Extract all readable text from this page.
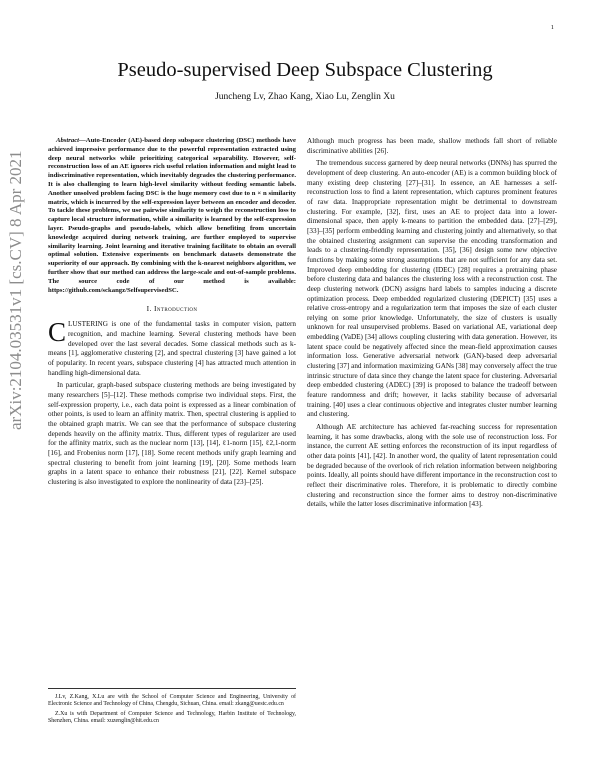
1
arXiv:2104.03531v1 [cs.CV] 8 Apr 2021
Pseudo-supervised Deep Subspace Clustering
Juncheng Lv, Zhao Kang, Xiao Lu, Zenglin Xu

Abstract—Auto-Encoder (AE)-based deep subspace clustering (DSC) methods have achieved impressive performance due to the powerful representation extracted using deep neural networks while prioritizing categorical separability. However, self-reconstruction loss of an AE ignores rich useful relation information and might lead to indiscriminative representation, which inevitably degrades the clustering performance. It is also challenging to learn high-level similarity without feeding semantic labels. Another unsolved problem facing DSC is the huge memory cost due to n × n similarity matrix, which is incurred by the self-expression layer between an encoder and decoder. To tackle these problems, we use pairwise similarity to weigh the reconstruction loss to capture local structure information, while a similarity is learned by the self-expression layer. Pseudo-graphs and pseudo-labels, which allow benefiting from uncertain knowledge acquired during network training, are further employed to supervise similarity learning. Joint learning and iterative training facilitate to obtain an overall optimal solution. Extensive experiments on benchmark datasets demonstrate the superiority of our approach. By combining with the k-nearest neighbors algorithm, we further show that our method can address the large-scale and out-of-sample problems. The source code of our method is available: https://github.com/sckangz/SelfsupervisedSC.

I. Introduction

CLUSTERING is one of the fundamental tasks in computer vision, pattern recognition, and machine learning. Several clustering methods have been developed over the last several decades. Some classical methods such as k-means [1], agglomerative clustering [2], and spectral clustering [3] have gained a lot of popularity. In recent years, subspace clustering [4] has attracted much attention in handling high-dimensional data.

In particular, graph-based subspace clustering methods are being investigated by many researchers [5]–[12]. These methods comprise two individual steps. First, the self-expression property, i.e., each data point is expressed as a linear combination of other points, is used to learn an affinity matrix. Then, spectral clustering is applied to the obtained graph matrix. We can see that the performance of subspace clustering depends heavily on the affinity matrix. Thus, different types of regularizer are used for the affinity matrix, such as the nuclear norm [13], [14], ℓ1-norm [15], ℓ2,1-norm [16], and Frobenius norm [17], [18]. Some recent methods unify graph learning and spectral clustering to benefit from joint learning [19], [20]. Some methods learn graphs in a latent space to enhance their robustness [21], [22]. Kernel subspace clustering is also investigated to explore the nonlinearity of data [23]–[25].

Although much progress has been made, shallow methods fall short of reliable discriminative abilities [26].

The tremendous success garnered by deep neural networks (DNNs) has spurred the development of deep clustering. An auto-encoder (AE) is a common building block of many existing deep clustering [27]–[31]. In essence, an AE harnesses a self-reconstruction loss to find a latent representation, which captures prominent features of raw data. Inappropriate representation might be detrimental to downstream clustering. For example, [32], first, uses an AE to project data into a lower-dimensional space, then apply k-means to partition the embedded data. [27]–[29], [33]–[35] perform embedding learning and clustering jointly and alternatively, so that the obtained clustering assignment can supervise the encoding transformation and leads to a clustering-friendly representation. [35], [36] design some new objective functions by making some strong assumptions that are not sufficient for any data set. Improved deep embedding for clustering (IDEC) [28] requires a pretraining phase before clustering data and balances the clustering loss with a reconstruction cost. The deep clustering network (DCN) assigns hard labels to samples inducing a discrete optimization process. Deep embedded regularized clustering (DEPICT) [35] uses a relative cross-entropy and a regularization term that imposes the size of each cluster relying on some prior knowledge. Unfortunately, the size of clusters is usually unknown for real unsupervised problems. Based on variational AE, variational deep embedding (VaDE) [34] allows coupling clustering with data generation. However, its latent space could be negatively affected since the mean-field approximation causes information loss. Generative adversarial network (GAN)-based deep adversarial clustering [37] and information maximizing GANs [38] may conversely affect the true intrinsic structure of data since they change the latent space for clustering. Adversarial deep embedded clustering (ADEC) [39] is proposed to balance the tradeoff between feature randomness and drift; however, it lacks stability because of adversarial training. [40] uses a clear continuous objective and integrates cluster number learning and clustering.

Although AE architecture has achieved far-reaching success for representation learning, it has some drawbacks, along with the sole use of reconstruction loss. For instance, the current AE setting enforces the reconstruction of its input regardless of other data points [41], [42]. In another word, the quality of latent representation could be degraded because of the overlook of rich relation information between neighboring points. Ideally, all points should have different importance in the reconstruction cost to reflect their discriminative roles. Therefore, it is problematic to directly combine clustering and reconstruction since the former aims to destroy non-discriminative details, while the latter loses discriminative information [43].

J.Lv, Z.Kang, X.Lu are with the School of Computer Science and Engineering, University of Electronic Science and Technology of China, Chengdu, Sichuan, China. email: zkang@uestc.edu.cn

Z.Xu is with Department of Computer Science and Technology, Harbin Institute of Technology, Shenzhen, China. email: xuzenglin@hit.edu.cn
